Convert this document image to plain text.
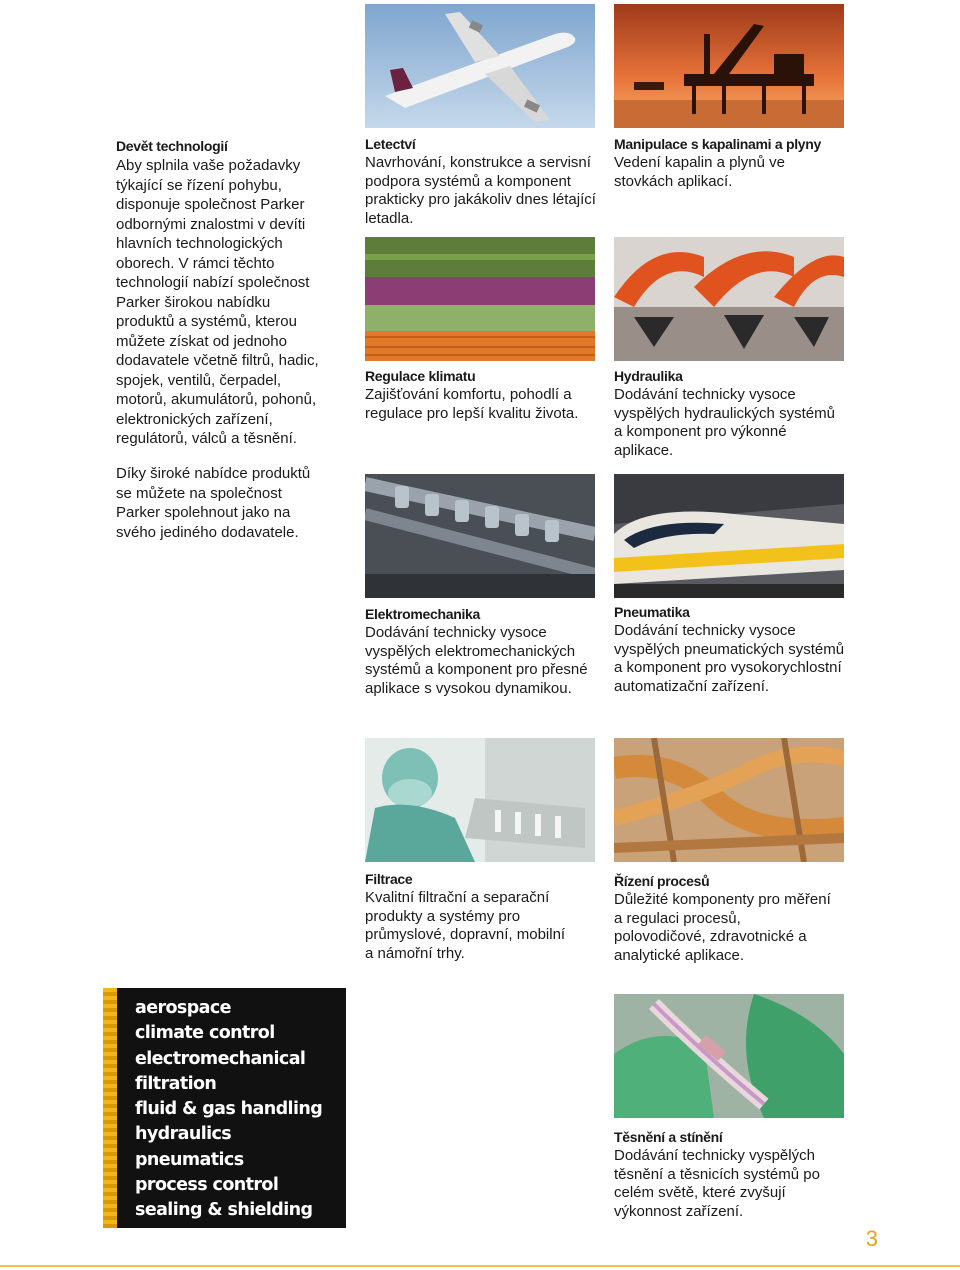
Devět technologií
Aby splnila vaše požadavky týkající se řízení pohybu, disponuje společnost Parker odbornými znalostmi v devíti hlavních technologických oborech. V rámci těchto technologií nabízí společnost Parker širokou nabídku produktů a systémů, kterou můžete získat od jednoho dodavatele včetně filtrů, hadic, spojek, ventilů, čerpadel, motorů, akumulátorů, pohonů, elektronických zařízení, regulátorů, válců a těsnění.
Díky široké nabídce produktů se můžete na společnost Parker spolehnout jako na svého jediného dodavatele.
Letectví
Navrhování, konstrukce a servisní podpora systémů a komponent prakticky pro jakákoliv dnes létající letadla.
Manipulace s kapalinami a plyny
Vedení kapalin a plynů ve stovkách aplikací.
Regulace klimatu
Zajišťování komfortu, pohodlí a regulace pro lepší kvalitu života.
Hydraulika
Dodávání technicky vysoce vyspělých hydraulických systémů a komponent pro výkonné aplikace.
Elektromechanika
Dodávání technicky vysoce vyspělých elektromechanických systémů a komponent pro přesné aplikace s vysokou dynamikou.
Pneumatika
Dodávání technicky vysoce vyspělých pneumatických systémů a komponent pro vysokorychlostní automatizační zařízení.
Filtrace
Kvalitní filtrační a separační produkty a systémy pro průmyslové, dopravní, mobilní a námořní trhy.
Řízení procesů
Důležité komponenty pro měření a regulaci procesů, polovodičové, zdravotnické a analytické aplikace.
Těsnění a stínění
Dodávání technicky vyspělých těsnění a těsnicích systémů po celém světě, které zvyšují výkonnost zařízení.
aerospace
climate control
electromechanical
filtration
fluid & gas handling
hydraulics
pneumatics
process control
sealing & shielding
3
